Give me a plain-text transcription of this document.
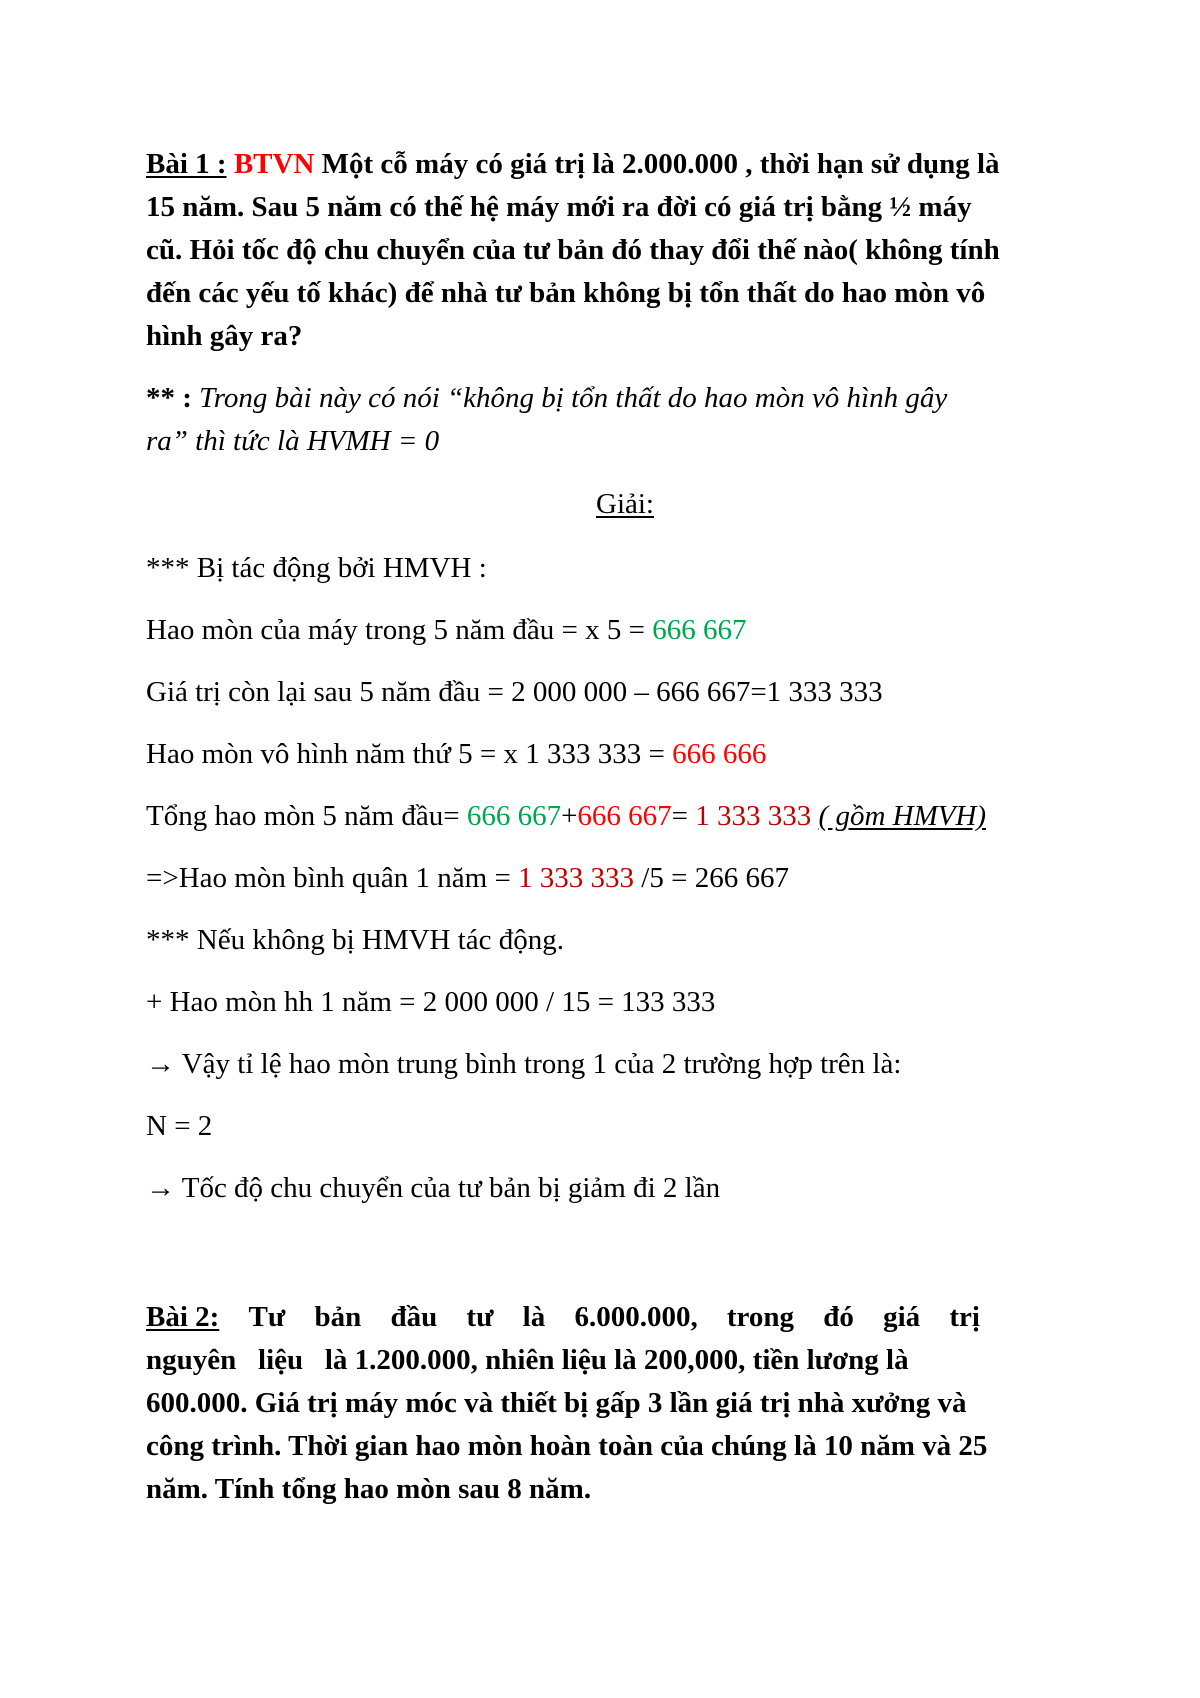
Bài 1 : BTVN Một cỗ máy có giá trị là 2.000.000 , thời hạn sử dụng là
15 năm. Sau 5 năm có thế hệ máy mới ra đời có giá trị bằng ½ máy
cũ. Hỏi tốc độ chu chuyển của tư bản đó thay đổi thế nào( không tính
đến các yếu tố khác) để nhà tư bản không bị tổn thất do hao mòn vô
hình gây ra?
** : Trong bài này có nói “không bị tổn thất do hao mòn vô hình gây
ra” thì tức là HVMH = 0
Giải:
*** Bị tác động bởi HMVH :
Hao mòn của máy trong 5 năm đầu = x 5 = 666 667
Giá trị còn lại sau 5 năm đầu = 2 000 000 – 666 667=1 333 333
Hao mòn vô hình năm thứ 5 = x 1 333 333 = 666 666
Tổng hao mòn 5 năm đầu= 666 667+666 667= 1 333 333 ( gồm HMVH)
=>Hao mòn bình quân 1 năm = 1 333 333 /5 = 266 667
*** Nếu không bị HMVH tác động.
+ Hao mòn hh 1 năm = 2 000 000 / 15 = 133 333
→ Vậy tỉ lệ hao mòn trung bình trong 1 của 2 trường hợp trên là:
N = 2
→ Tốc độ chu chuyển của tư bản bị giảm đi 2 lần
Bài 2: Tư bản đầu tư là 6.000.000, trong đó giá trị
nguyên   liệu   là 1.200.000, nhiên liệu là 200,000, tiền lương là
600.000. Giá trị máy móc và thiết bị gấp 3 lần giá trị nhà xưởng và
công trình. Thời gian hao mòn hoàn toàn của chúng là 10 năm và 25
năm. Tính tổng hao mòn sau 8 năm.
